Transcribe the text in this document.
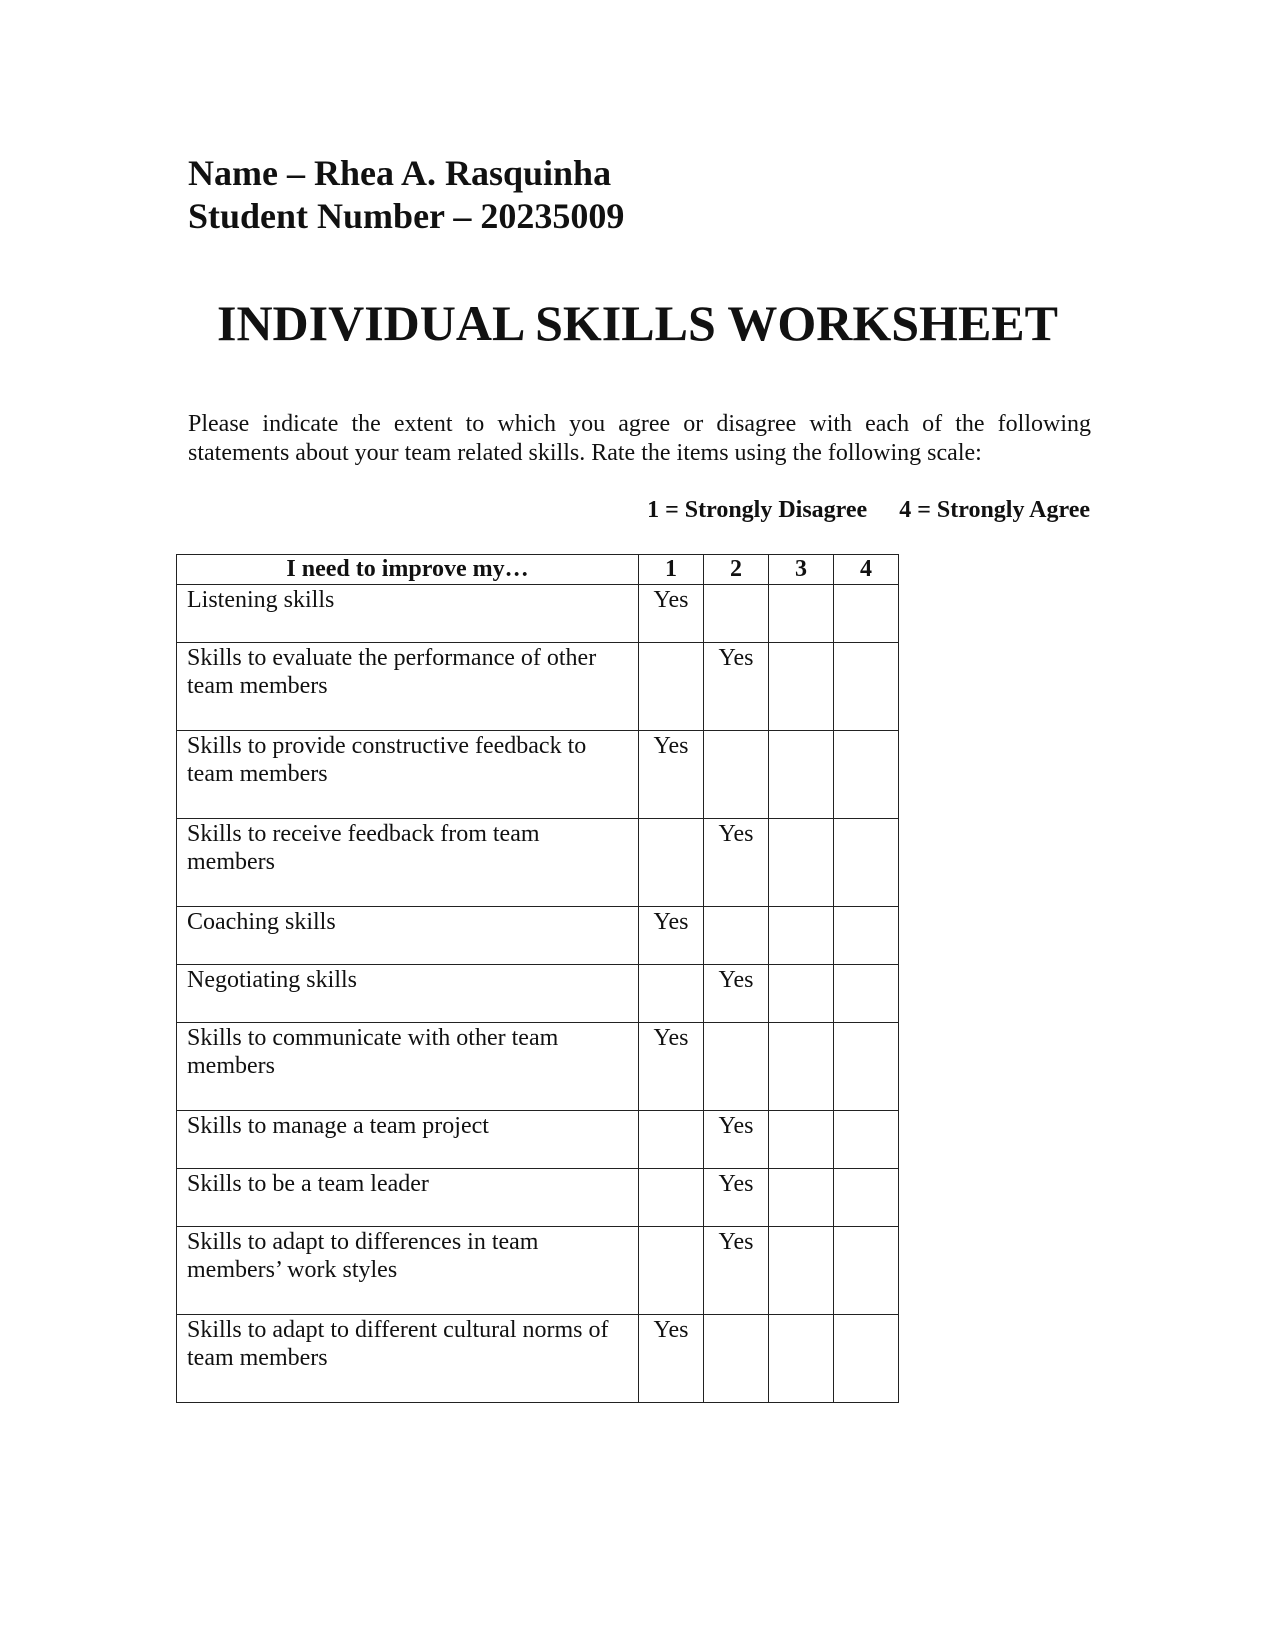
Name – Rhea A. Rasquinha
Student Number – 20235009
INDIVIDUAL SKILLS WORKSHEET
Please indicate the extent to which you agree or disagree with each of the following statements about your team related skills. Rate the items using the following scale:
1 = Strongly Disagree 4 = Strongly Agree
I need to improve my…	1	2	3	4
Listening skills	Yes			
Skills to evaluate the performance of other team members		Yes		
Skills to provide constructive feedback to team members	Yes			
Skills to receive feedback from team members		Yes		
Coaching skills	Yes			
Negotiating skills		Yes		
Skills to communicate with other team members	Yes			
Skills to manage a team project		Yes		
Skills to be a team leader		Yes		
Skills to adapt to differences in team members’ work styles		Yes		
Skills to adapt to different cultural norms of team members	Yes			
